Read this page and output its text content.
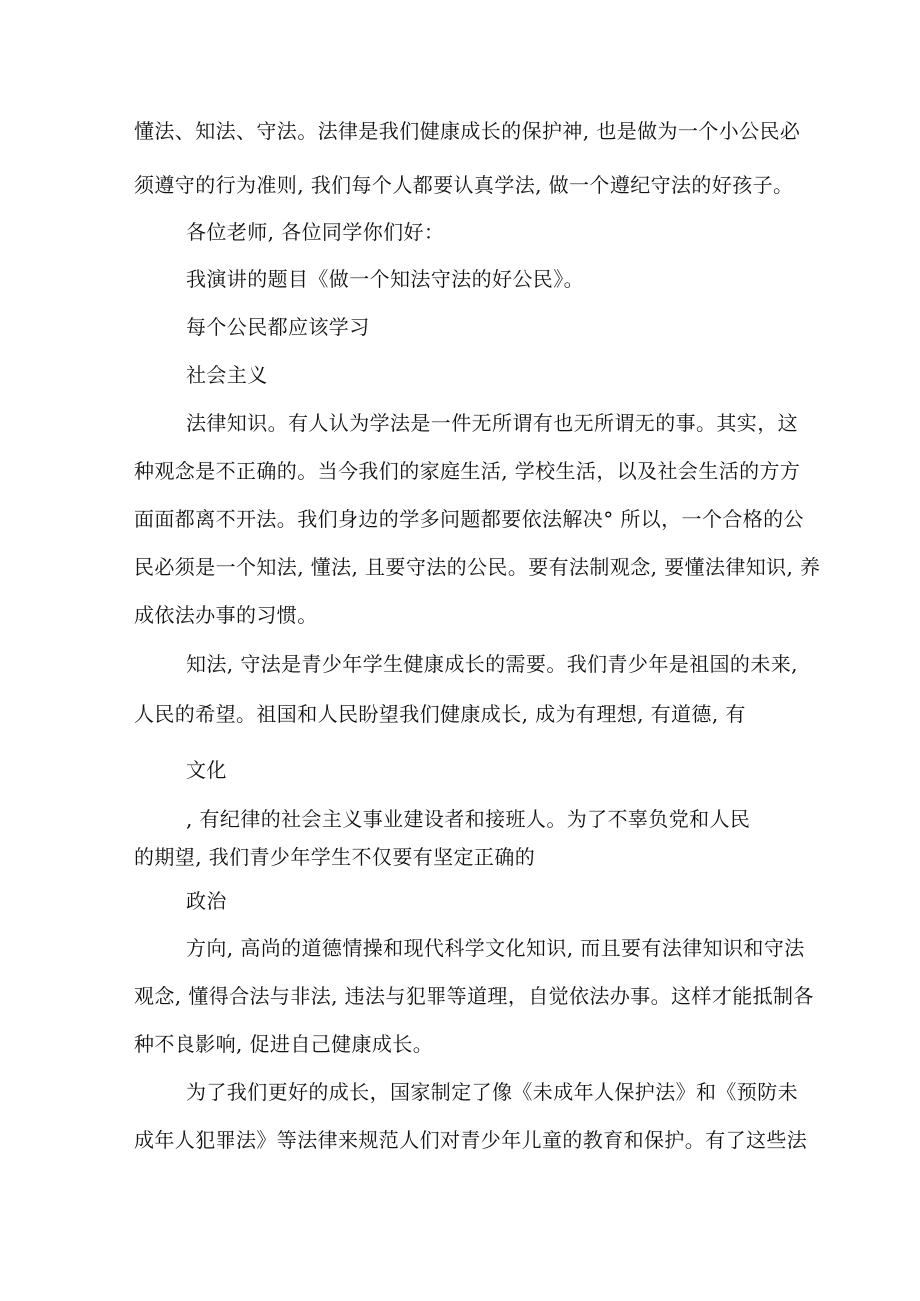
懂法、知法、守法。法律是我们健康成长的保护神, 也是做为一个小公民必
须遵守的行为准则, 我们每个人都要认真学法, 做一个遵纪守法的好孩子。
各位老师, 各位同学你们好：
我演讲的题目《做一个知法守法的好公民》。
每个公民都应该学习
社会主义
法律知识。有人认为学法是一件无所谓有也无所谓无的事。其实，这
种观念是不正确的。当今我们的家庭生活, 学校生活，以及社会生活的方方
面面都离不开法。我们身边的学多问题都要依法解决° 所以，一个合格的公
民必须是一个知法, 懂法, 且要守法的公民。要有法制观念, 要懂法律知识, 养
成依法办事的习惯。
知法, 守法是青少年学生健康成长的需要。我们青少年是祖国的未来,
人民的希望。祖国和人民盼望我们健康成长, 成为有理想, 有道德, 有
文化
, 有纪律的社会主义事业建设者和接班人。为了不辜负党和人民
的期望, 我们青少年学生不仅要有坚定正确的
政治
方向, 高尚的道德情操和现代科学文化知识, 而且要有法律知识和守法
观念, 懂得合法与非法, 违法与犯罪等道理，自觉依法办事。这样才能抵制各
种不良影响, 促进自己健康成长。
为了我们更好的成长，国家制定了像《未成年人保护法》和《预防未
成年人犯罪法》等法律来规范人们对青少年儿童的教育和保护。有了这些法
